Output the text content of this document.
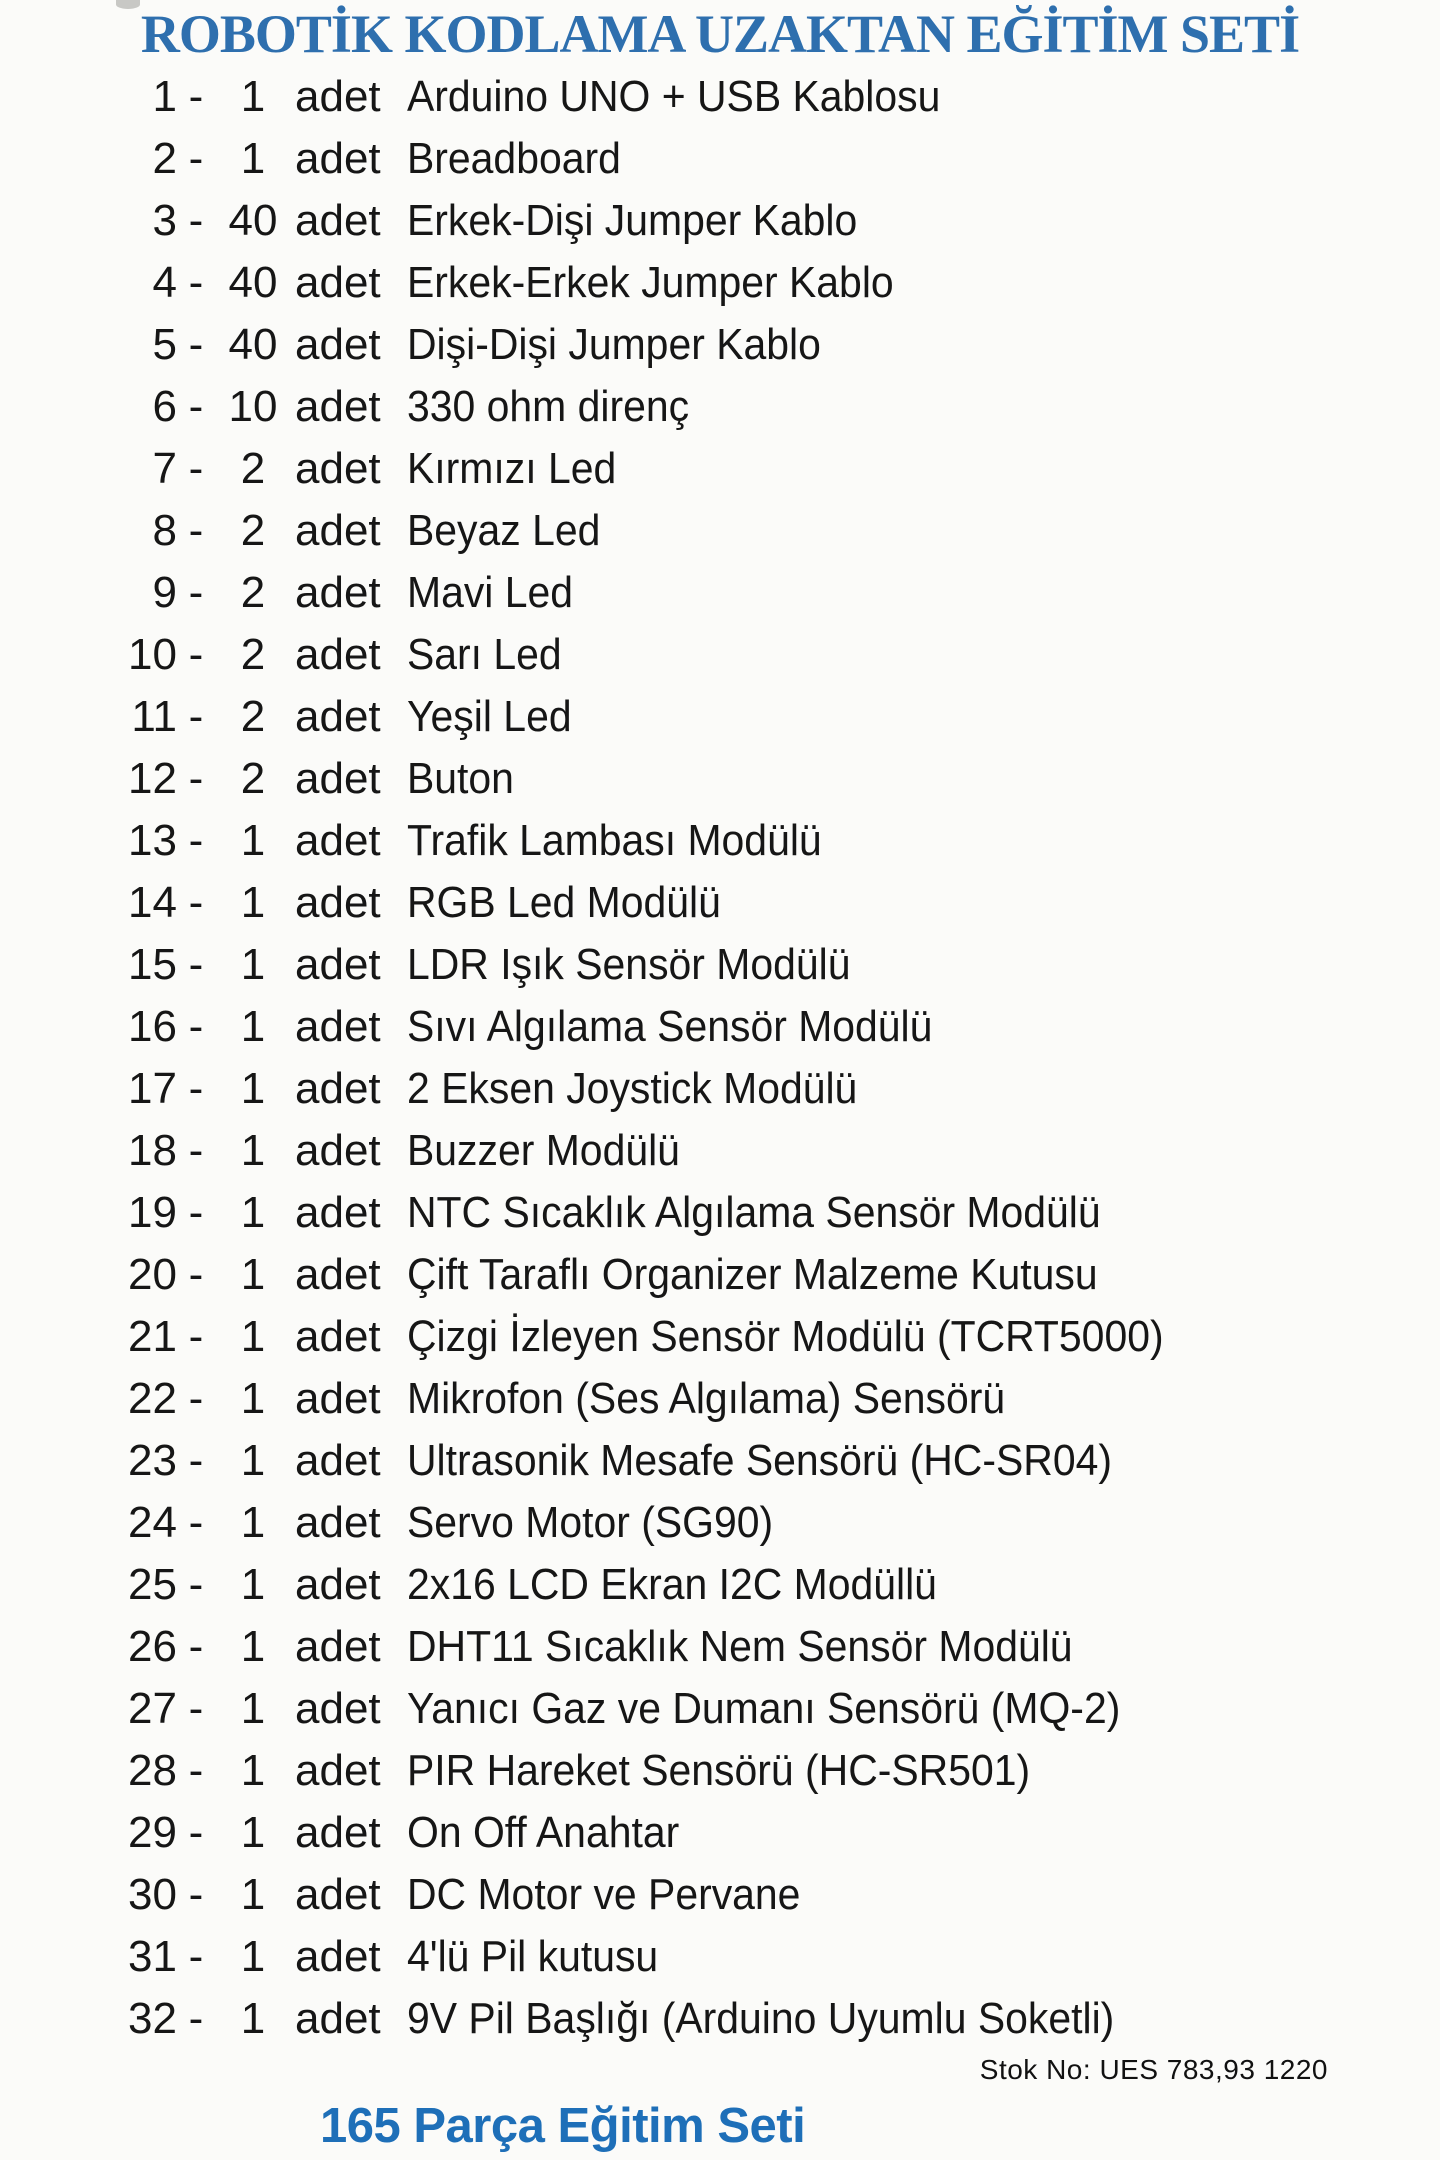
ROBOTİK KODLAMA UZAKTAN EĞİTİM SETİ
1 - 1 adet Arduino UNO + USB Kablosu
2 - 1 adet Breadboard
3 - 40 adet Erkek-Dişi Jumper Kablo
4 - 40 adet Erkek-Erkek Jumper Kablo
5 - 40 adet Dişi-Dişi Jumper Kablo
6 - 10 adet 330 ohm direnç
7 - 2 adet Kırmızı Led
8 - 2 adet Beyaz Led
9 - 2 adet Mavi Led
10 - 2 adet Sarı Led
11 - 2 adet Yeşil Led
12 - 2 adet Buton
13 - 1 adet Trafik Lambası Modülü
14 - 1 adet RGB Led Modülü
15 - 1 adet LDR Işık Sensör Modülü
16 - 1 adet Sıvı Algılama Sensör Modülü
17 - 1 adet 2 Eksen Joystick Modülü
18 - 1 adet Buzzer Modülü
19 - 1 adet NTC Sıcaklık Algılama Sensör Modülü
20 - 1 adet Çift Taraflı Organizer Malzeme Kutusu
21 - 1 adet Çizgi İzleyen Sensör Modülü (TCRT5000)
22 - 1 adet Mikrofon (Ses Algılama) Sensörü
23 - 1 adet Ultrasonik Mesafe Sensörü (HC-SR04)
24 - 1 adet Servo Motor (SG90)
25 - 1 adet 2x16 LCD Ekran I2C Modüllü
26 - 1 adet DHT11 Sıcaklık Nem Sensör Modülü
27 - 1 adet Yanıcı Gaz ve Dumanı Sensörü (MQ-2)
28 - 1 adet PIR Hareket Sensörü (HC-SR501)
29 - 1 adet On Off Anahtar
30 - 1 adet DC Motor ve Pervane
31 - 1 adet 4'lü Pil kutusu
32 - 1 adet 9V Pil Başlığı (Arduino Uyumlu Soketli)
Stok No: UES 783,93 1220
165 Parça Eğitim Seti
